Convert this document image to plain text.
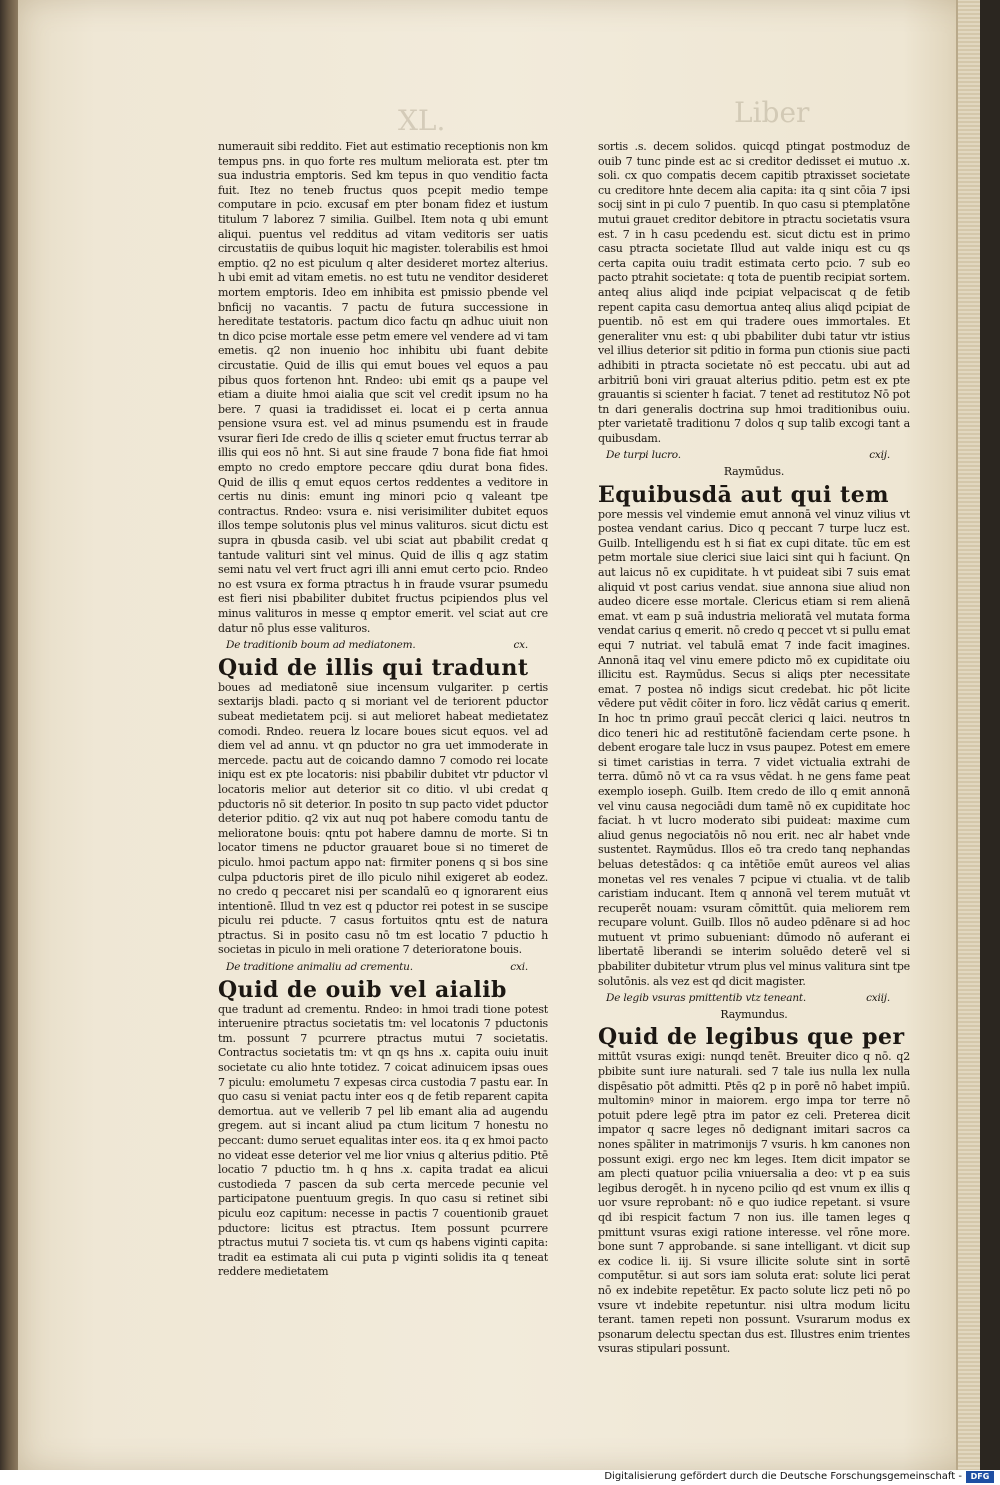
XL.	Liber

numerauit sibi reddito. Fiet aut estimatio receptionis non km tempus pns. in quo forte res multum meliorata est. pter tm sua industria emptoris. Sed km tepus in quo venditio facta fuit. Itez no teneb fructus quos pcepit medio tempe computare in pcio. excusaf em pter bonam fidez et iustum titulum 7 laborez 7 similia. Guilbel. Item nota q ubi emunt aliqui. puentus vel redditus ad vitam veditoris ser uatis circustatiis de quibus loquit hic magister. tolerabilis est hmoi emptio. q2 no est piculum q alter desideret mortez alterius. h ubi emit ad vitam emetis. no est tutu ne venditor desideret mortem emptoris. Ideo em inhibita est pmissio pbende vel bnficij no vacantis. 7 pactu de futura successione in hereditate testatoris. pactum dico factu qn adhuc uiuit non tn dico pcise mortale esse petm emere vel vendere ad vi tam emetis. q2 non inuenio hoc inhibitu ubi fuant debite circustatie. Quid de illis qui emut boues vel equos a pau pibus quos fortenon hnt. Rndeo: ubi emit qs a paupe vel etiam a diuite hmoi aialia que scit vel credit ipsum no ha bere. 7 quasi ia tradidisset ei. locat ei p certa annua pensione vsura est. vel ad minus psumendu est in fraude vsurar fieri Ide credo de illis q scieter emut fructus terrar ab illis qui eos nō hnt. Si aut sine fraude 7 bona fide fiat hmoi empto no credo emptore peccare qdiu durat bona fides. Quid de illis q emut equos certos reddentes a veditore in certis nu dinis: emunt ing minori pcio q valeant tpe contractus. Rndeo: vsura e. nisi verisimiliter dubitet equos illos tempe solutonis plus vel minus valituros. sicut dictu est supra in qbusda casib. vel ubi sciat aut pbabilit credat q tantude valituri sint vel minus. Quid de illis q agz statim semi natu vel vert fruct agri illi anni emut certo pcio. Rndeo no est vsura ex forma ptractus h in fraude vsurar psumedu est fieri nisi pbabiliter dubitet fructus pcipiendos plus vel minus valituros in messe q emptor emerit. vel sciat aut cre datur nō plus esse valituros.

De traditionib boum ad mediatonem.	cx.
Quid de illis qui tradunt

boues ad mediatonē siue incensum vulgariter. p certis sextarijs bladi. pacto q si moriant vel de teriorent pductor subeat medietatem pcij. si aut melioret habeat medietatez comodi. Rndeo. reuera lz locare boues sicut equos. vel ad diem vel ad annu. vt qn pductor no gra uet immoderate in mercede. pactu aut de coicando damno 7 comodo rei locate iniqu est ex pte locatoris: nisi pbabilir dubitet vtr pductor vl locatoris melior aut deterior sit co ditio. vl ubi credat q pductoris nō sit deterior. In posito tn sup pacto videt pductor deterior pditio. q2 vix aut nuq pot habere comodu tantu de melioratone bouis: qntu pot habere damnu de morte. Si tn locator timens ne pductor grauaret boue si no timeret de piculo. hmoi pactum appo nat: firmiter ponens q si bos sine culpa pductoris piret de illo piculo nihil exigeret ab eodez. no credo q peccaret nisi per scandalū eo q ignorarent eius intentionē. Illud tn vez est q pductor rei potest in se suscipe piculu rei pducte. 7 casus fortuitos qntu est de natura ptractus. Si in posito casu nō tm est locatio 7 pductio h societas in piculo in meli oratione 7 deterioratone bouis.

De traditione animaliu ad crementu.	cxi.
Quid de ouib vel aialib

que tradunt ad crementu. Rndeo: in hmoi tradi tione potest interuenire ptractus societatis tm: vel locatonis 7 pductonis tm. possunt 7 pcurrere ptractus mutui 7 societatis. Contractus societatis tm: vt qn qs hns .x. capita ouiu inuit societate cu alio hnte totidez. 7 coicat adinuicem ipsas oues 7 piculu: emolumetu 7 expesas circa custodia 7 pastu ear. In quo casu si veniat pactu inter eos q de fetib reparent capita demortua. aut ve vellerib 7 pel lib emant alia ad augendu gregem. aut si incant aliud pa ctum licitum 7 honestu no peccant: dumo seruet equalitas inter eos. ita q ex hmoi pacto no videat esse deterior vel me lior vnius q alterius pditio. Ptē locatio 7 pductio tm. h q hns .x. capita tradat ea alicui custodieda 7 pascen da sub certa mercede pecunie vel participatone puentuum gregis. In quo casu si retinet sibi piculu eoz capitum: necesse in pactis 7 couentionib grauet pductore: licitus est ptractus. Item possunt pcurrere ptractus mutui 7 societa tis. vt cum qs habens viginti capita: tradit ea estimata ali cui puta p viginti solidis ita q teneat reddere medietatem

sortis .s. decem solidos. quicqd ptingat postmoduz de ouib 7 tunc pinde est ac si creditor dedisset ei mutuo .x. soli. cx quo compatis decem capitib ptraxisset societate cu creditore hnte decem alia capita: ita q sint cōia 7 ipsi socij sint in pi culo 7 puentib. In quo casu si ptemplatōne mutui grauet creditor debitore in ptractu societatis vsura est. 7 in h casu pcedendu est. sicut dictu est in primo casu ptracta societate Illud aut valde iniqu est cu qs certa capita ouiu tradit estimata certo pcio. 7 sub eo pacto ptrahit societate: q tota de puentib recipiat sortem. anteq alius aliqd inde pcipiat velpaciscat q de fetib repent capita casu demortua anteq alius aliqd pcipiat de puentib. nō est em qui tradere oues immortales. Et generaliter vnu est: q ubi pbabiliter dubi tatur vtr istius vel illius deterior sit pditio in forma pun ctionis siue pacti adhibiti in ptracta societate nō est peccatu. ubi aut ad arbitriū boni viri grauat alterius pditio. petm est ex pte grauantis si scienter h faciat. 7 tenet ad restitutoz Nō pot tn dari generalis doctrina sup hmoi traditionibus ouiu. pter varietatē traditionu 7 dolos q sup talib excogi tant a quibusdam.

De turpi lucro.	cxij.
Raymūdus.
Equibusdā aut qui tem

pore messis vel vindemie emut annonā vel vinuz vilius vt postea vendant carius. Dico q peccant 7 turpe lucz est. Guilb. Intelligendu est h si fiat ex cupi ditate. tūc em est petm mortale siue clerici siue laici sint qui h faciunt. Qn aut laicus nō ex cupiditate. h vt puideat sibi 7 suis emat aliquid vt post carius vendat. siue annona siue aliud non audeo dicere esse mortale. Clericus etiam si rem alienā emat. vt eam p suā industria melioratā vel mutata forma vendat carius q emerit. nō credo q peccet vt si pullu emat equi 7 nutriat. vel tabulā emat 7 inde facit imagines. Annonā itaq vel vinu emere pdicto mō ex cupiditate oiu illicitu est. Raymūdus. Secus si aliqs pter necessitate emat. 7 postea nō indigs sicut credebat. hic pōt licite vēdere put vēdit cōiter in foro. licz vēdāt carius q emerit. In hoc tn primo grauī peccāt clerici q laici. neutros tn dico teneri hic ad restitutōnē faciendam certe psone. h debent erogare tale lucz in vsus paupez. Potest em emere si timet caristias in terra. 7 videt victualia extrahi de terra. dūmō nō vt ca ra vsus vēdat. h ne gens fame peat exemplo ioseph. Guilb. Item credo de illo q emit annonā vel vinu causa negociādi dum tamē nō ex cupiditate hoc faciat. h vt lucro moderato sibi puideat: maxime cum aliud genus negociatōis nō nou erit. nec alr habet vnde sustentet. Raymūdus. Illos eō tra credo tanq nephandas beluas detestādos: q ca intētiōe emūt aureos vel alias monetas vel res venales 7 pcipue vi ctualia. vt de talib caristiam inducant. Item q annonā vel terem mutuāt vt recuperēt nouam: vsuram cōmittūt. quia meliorem rem recupare volunt. Guilb. Illos nō audeo pdēnare si ad hoc mutuent vt primo subueniant: dūmodo nō auferant ei libertatē liberandi se interim soluēdo deterē vel si pbabiliter dubitetur vtrum plus vel minus valitura sint tpe solutōnis. als vez est qd dicit magister.

De legib vsuras pmittentib vtz teneant.	cxiij.
Raymundus.
Quid de legibus que per

mittūt vsuras exigi: nunqd tenēt. Breuiter dico q nō. q2 pbibite sunt iure naturali. sed 7 tale ius nulla lex nulla dispēsatio pōt admitti. Ptēs q2 p in porē nō habet impiū. multominꝰ minor in maiorem. ergo impa tor terre nō potuit pdere legē ptra im pator ez celi. Preterea dicit impator q sacre leges nō dedignant imitari sacros ca nones spāliter in matrimonijs 7 vsuris. h km canones non possunt exigi. ergo nec km leges. Item dicit impator se am plecti quatuor pcilia vniuersalia a deo: vt p ea suis legibus derogēt. h in nyceno pcilio qd est vnum ex illis q uor vsure reprobant: nō e quo iudice repetant. si vsure qd ibi respicit factum 7 non ius. ille tamen leges q pmittunt vsuras exigi ratione interesse. vel rōne more. bone sunt 7 approbande. si sane intelligant. vt dicit sup ex codice li. iij. Si vsure illicite solute sint in sortē computētur. si aut sors iam soluta erat: solute lici perat nō ex indebite repetētur. Ex pacto solute licz peti nō po vsure vt indebite repetuntur. nisi ultra modum licitu terant. tamen repeti non possunt. Vsurarum modus ex psonarum delectu spectan dus est. Illustres enim trientes vsuras stipulari possunt.

Digitalisierung gefördert durch die Deutsche Forschungsgemeinschaft -	DFG
